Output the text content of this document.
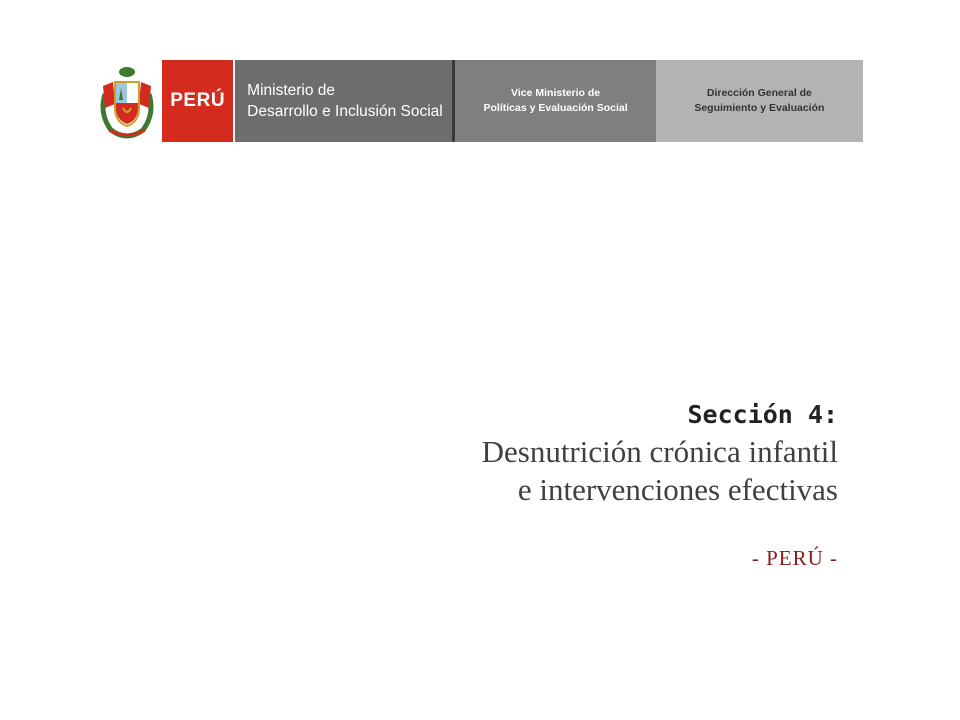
PERÚ Ministerio de
Desarrollo e Inclusión Social
Vice Ministerio de
Políticas y Evaluación Social
Dirección General de
Seguimiento y Evaluación
Sección 4:
Desnutrición crónica infantil
e intervenciones efectivas
- PERÚ -
